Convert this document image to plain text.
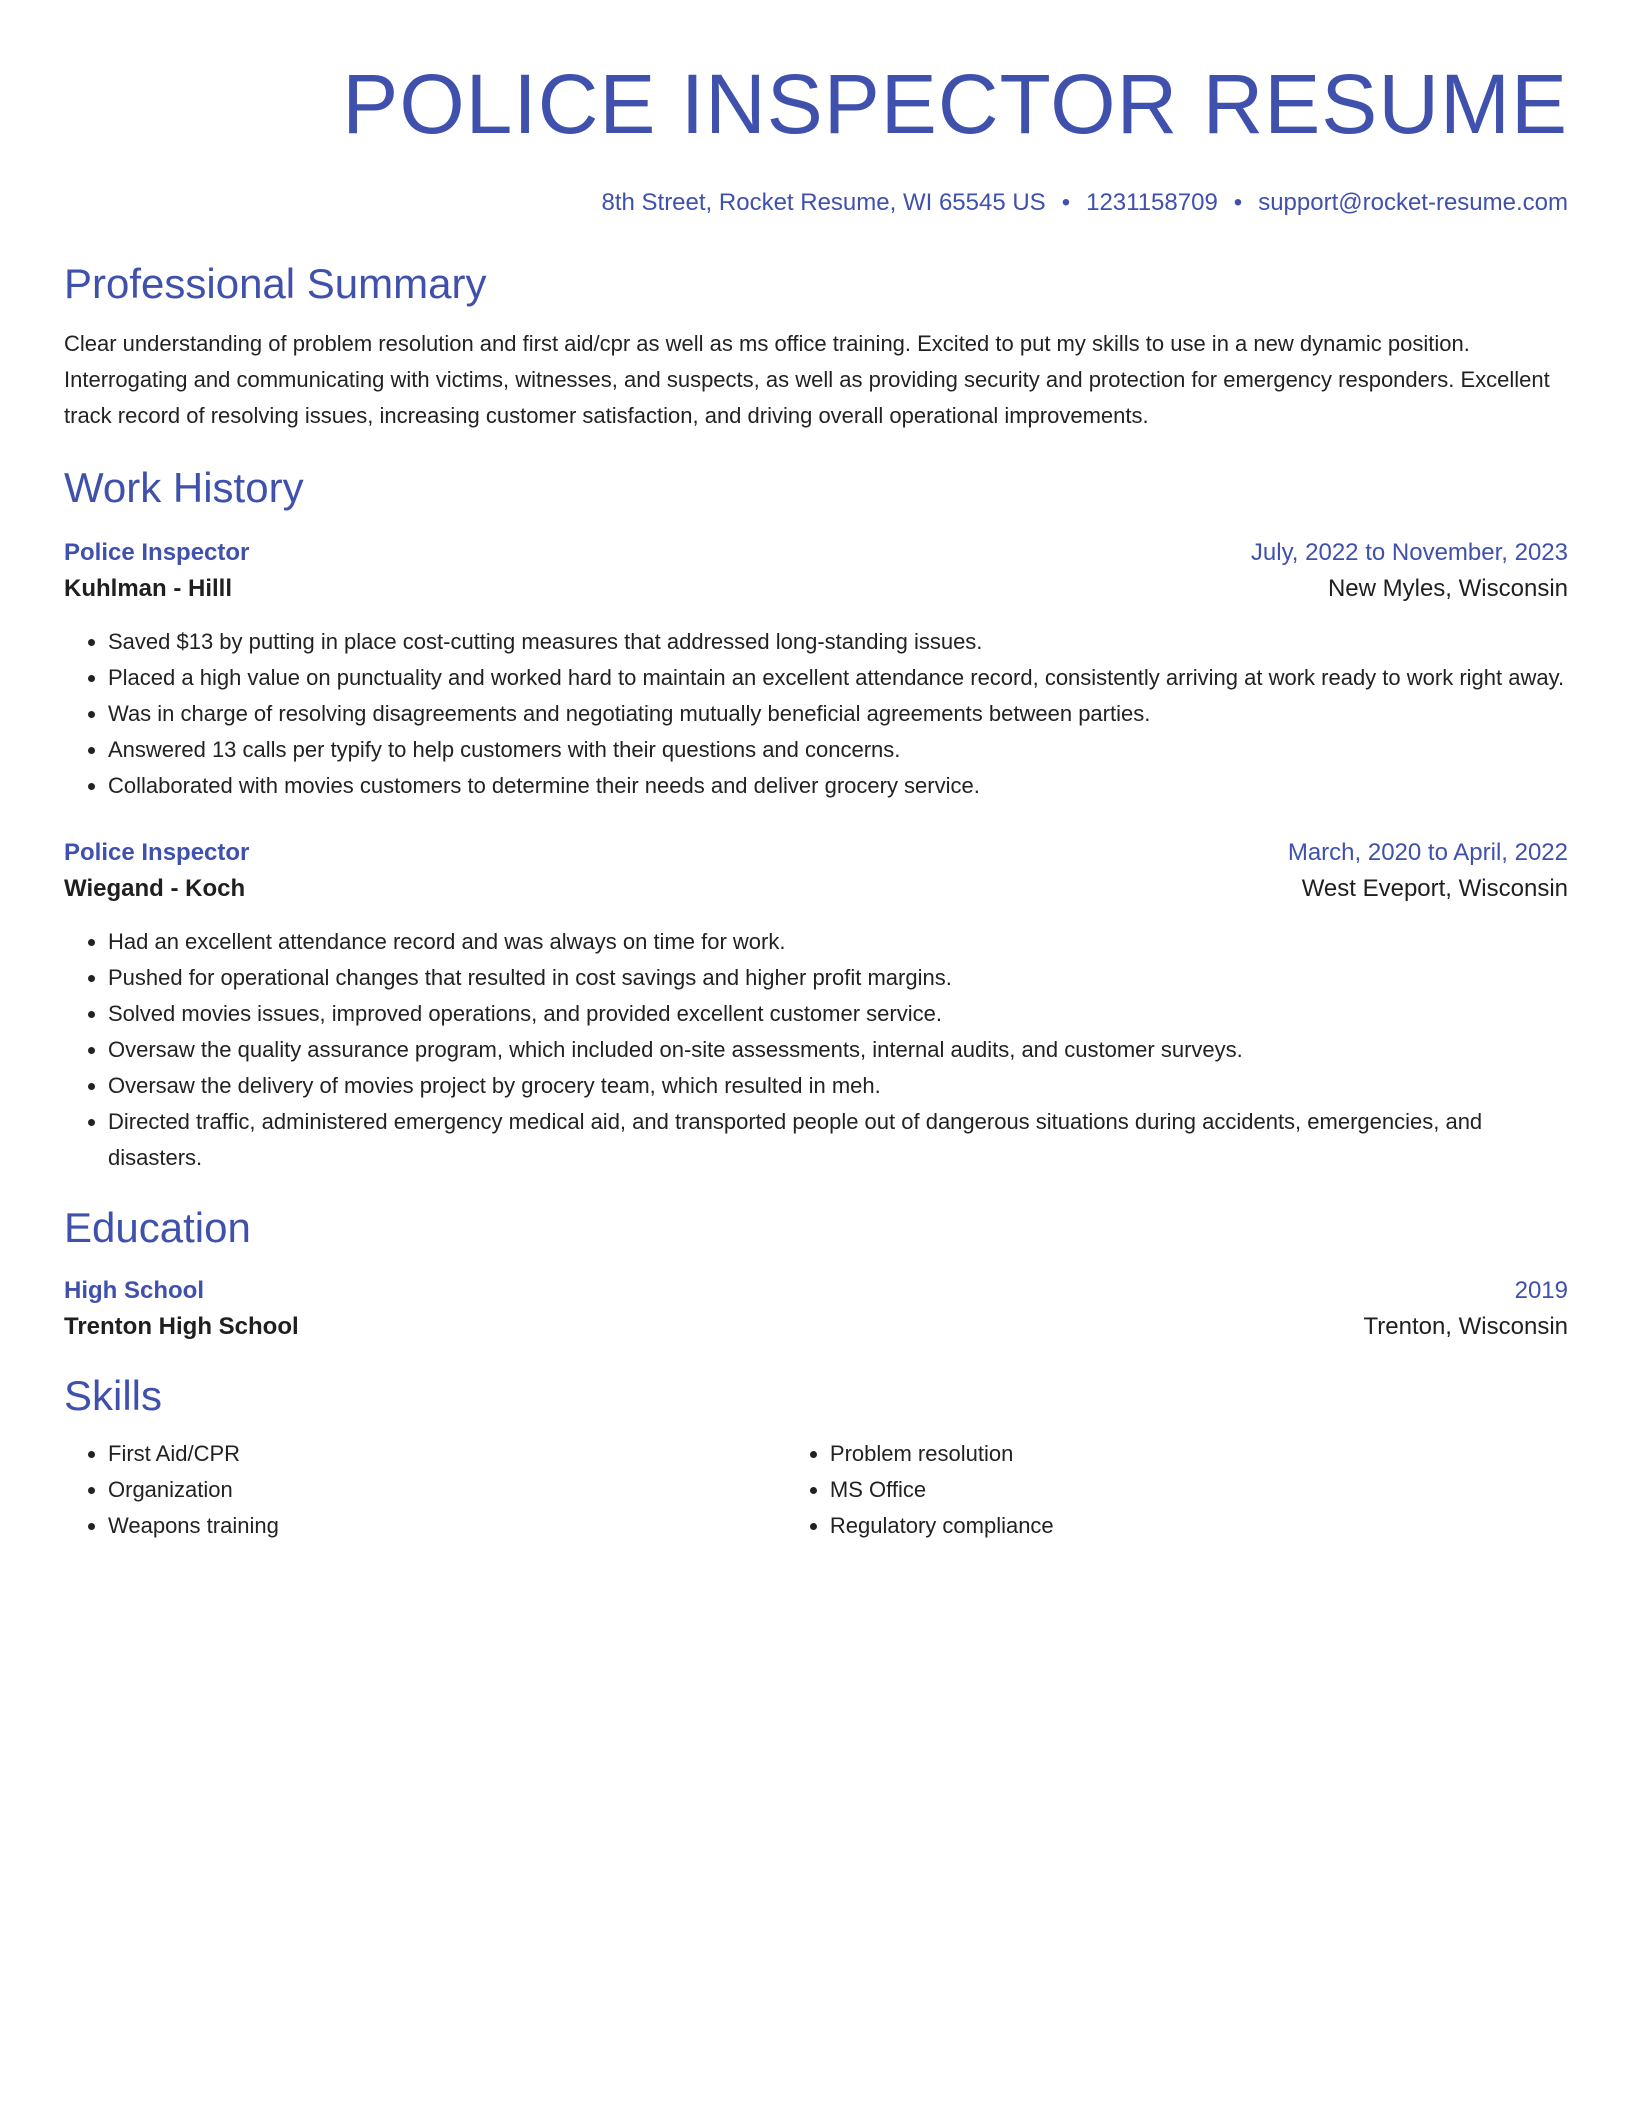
POLICE INSPECTOR RESUME
8th Street, Rocket Resume, WI 65545 US • 1231158709 • support@rocket-resume.com
Professional Summary
Clear understanding of problem resolution and first aid/cpr as well as ms office training. Excited to put my skills to use in a new dynamic position. Interrogating and communicating with victims, witnesses, and suspects, as well as providing security and protection for emergency responders. Excellent track record of resolving issues, increasing customer satisfaction, and driving overall operational improvements.
Work History
Police Inspector	July, 2022 to November, 2023
Kuhlman - Hilll	New Myles, Wisconsin
• Saved $13 by putting in place cost-cutting measures that addressed long-standing issues.
• Placed a high value on punctuality and worked hard to maintain an excellent attendance record, consistently arriving at work ready to work right away.
• Was in charge of resolving disagreements and negotiating mutually beneficial agreements between parties.
• Answered 13 calls per typify to help customers with their questions and concerns.
• Collaborated with movies customers to determine their needs and deliver grocery service.
Police Inspector	March, 2020 to April, 2022
Wiegand - Koch	West Eveport, Wisconsin
• Had an excellent attendance record and was always on time for work.
• Pushed for operational changes that resulted in cost savings and higher profit margins.
• Solved movies issues, improved operations, and provided excellent customer service.
• Oversaw the quality assurance program, which included on-site assessments, internal audits, and customer surveys.
• Oversaw the delivery of movies project by grocery team, which resulted in meh.
• Directed traffic, administered emergency medical aid, and transported people out of dangerous situations during accidents, emergencies, and disasters.
Education
High School	2019
Trenton High School	Trenton, Wisconsin
Skills
• First Aid/CPR
• Organization
• Weapons training
• Problem resolution
• MS Office
• Regulatory compliance
